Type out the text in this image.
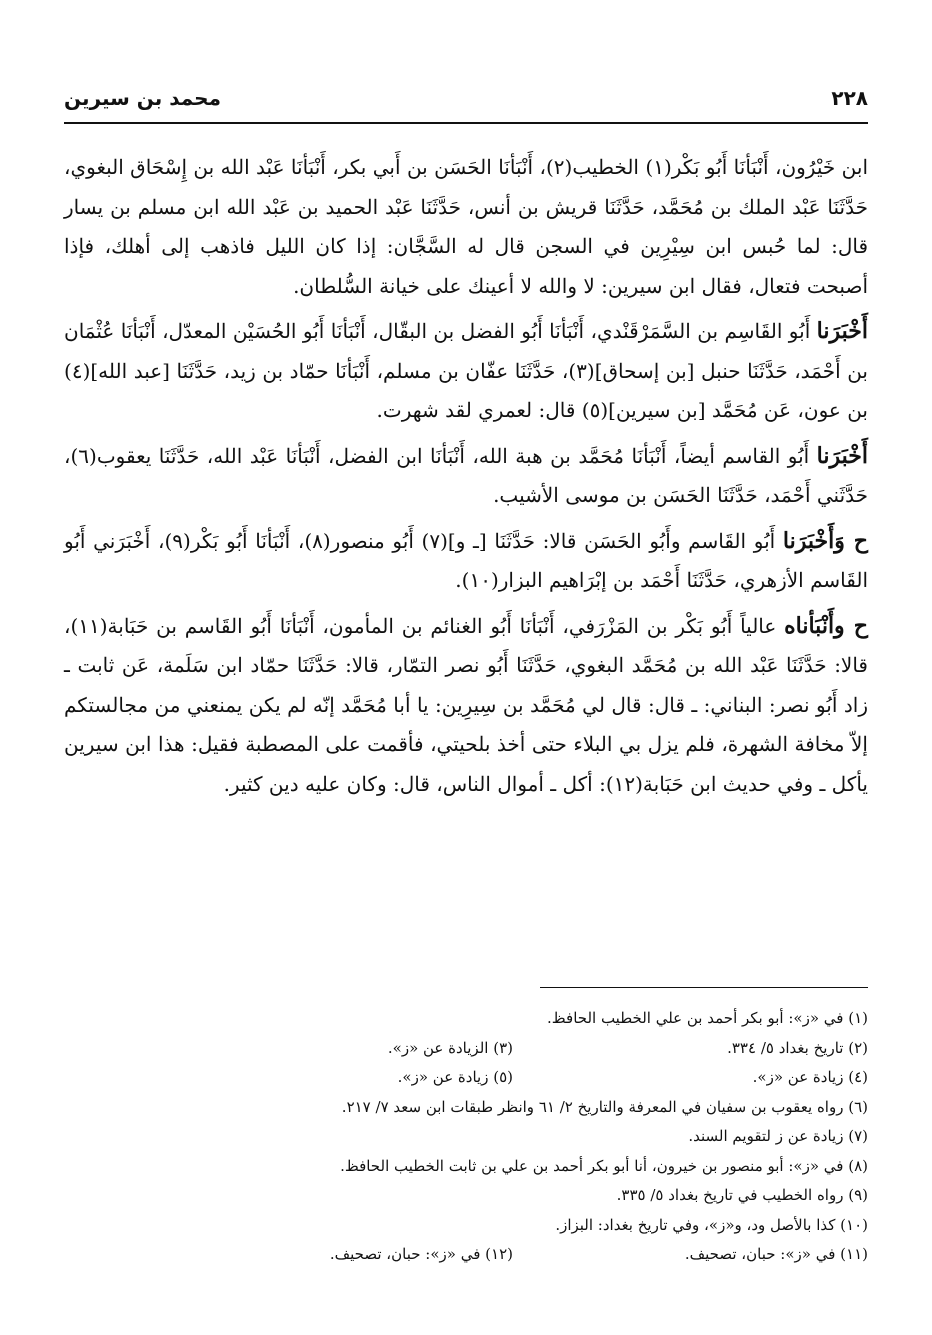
٢٢٨
محمد بن سيرين

ابن خَيْرُون، أَنْبَأنَا أَبُو بَكْر(١) الخطيب(٢)، أَنْبَأنَا الحَسَن بن أَبي بكر، أَنْبَأنَا عَبْد الله بن إِسْحَاق البغوي، حَدَّثَنَا عَبْد الملك بن مُحَمَّد، حَدَّثَنَا قريش بن أنس، حَدَّثَنَا عَبْد الحميد بن عَبْد الله ابن مسلم بن يسار قال: لما حُبس ابن سِيْرِين في السجن قال له السَّجَّان: إذا كان الليل فاذهب إلى أهلك، فإذا أصبحت فتعال، فقال ابن سيرين: لا والله لا أعينك على خيانة السُّلطان.

أَخْبَرَنا أَبُو القَاسِم بن السَّمَرْقَنْدي، أَنْبَأنَا أَبُو الفضل بن البقّال، أَنْبَأنَا أَبُو الحُسَيْن المعدّل، أَنْبَأنَا عُثْمَان بن أَحْمَد، حَدَّثَنَا حنبل [بن إسحاق](٣)، حَدَّثَنَا عفّان بن مسلم، أَنْبَأنَا حمّاد بن زيد، حَدَّثَنَا [عبد الله](٤) بن عون، عَن مُحَمَّد [بن سيرين](٥) قال: لعمري لقد شهرت.

أَخْبَرَنا أَبُو القاسم أيضاً، أَنْبَأنَا مُحَمَّد بن هبة الله، أَنْبَأنَا ابن الفضل، أَنْبَأنَا عَبْد الله، حَدَّثَنَا يعقوب(٦)، حَدَّثَني أَحْمَد، حَدَّثَنَا الحَسَن بن موسى الأشيب.

ح وَأَخْبَرَنا أَبُو القَاسم وأَبُو الحَسَن قالا: حَدَّثَنَا [ـ و](٧) أَبُو منصور(٨)، أَنْبَأنَا أَبُو بَكْر(٩)، أَخْبَرَني أَبُو القَاسم الأزهري، حَدَّثَنَا أَحْمَد بن إبْرَاهيم البزار(١٠).

ح وأَنْبَأناه عالياً أَبُو بَكْر بن المَزْرَفي، أَنْبَأنَا أَبُو الغنائم بن المأمون، أَنْبَأنَا أَبُو القَاسم بن حَبَابة(١١)، قالا: حَدَّثَنَا عَبْد الله بن مُحَمَّد البغوي، حَدَّثَنَا أَبُو نصر التمّار، قالا: حَدَّثَنَا حمّاد ابن سَلَمة، عَن ثابت ـ زاد أَبُو نصر: البناني: ـ قال: قال لي مُحَمَّد بن سِيرِين: يا أبا مُحَمَّد إنّه لم يكن يمنعني من مجالستكم إلاّ مخافة الشهرة، فلم يزل بي البلاء حتى أخذ بلحيتي، فأقمت على المصطبة فقيل: هذا ابن سيرين يأكل ـ وفي حديث ابن حَبَابة(١٢): أكل ـ أموال الناس، قال: وكان عليه دين كثير.

(١) في «ز»: أبو بكر أحمد بن علي الخطيب الحافظ.
(٢) تاريخ بغداد ٥/ ٣٣٤.
(٣) الزيادة عن «ز».
(٤) زيادة عن «ز».
(٥) زيادة عن «ز».
(٦) رواه يعقوب بن سفيان في المعرفة والتاريخ ٢/ ٦١ وانظر طبقات ابن سعد ٧/ ٢١٧.
(٧) زيادة عن ز لتقويم السند.
(٨) في «ز»: أبو منصور بن خيرون، أنا أبو بكر أحمد بن علي بن ثابت الخطيب الحافظ.
(٩) رواه الخطيب في تاريخ بغداد ٥/ ٣٣٥.
(١٠) كذا بالأصل ود، و«ز»، وفي تاريخ بغداد: البزاز.
(١١) في «ز»: حبان، تصحيف.
(١٢) في «ز»: حبان، تصحيف.
